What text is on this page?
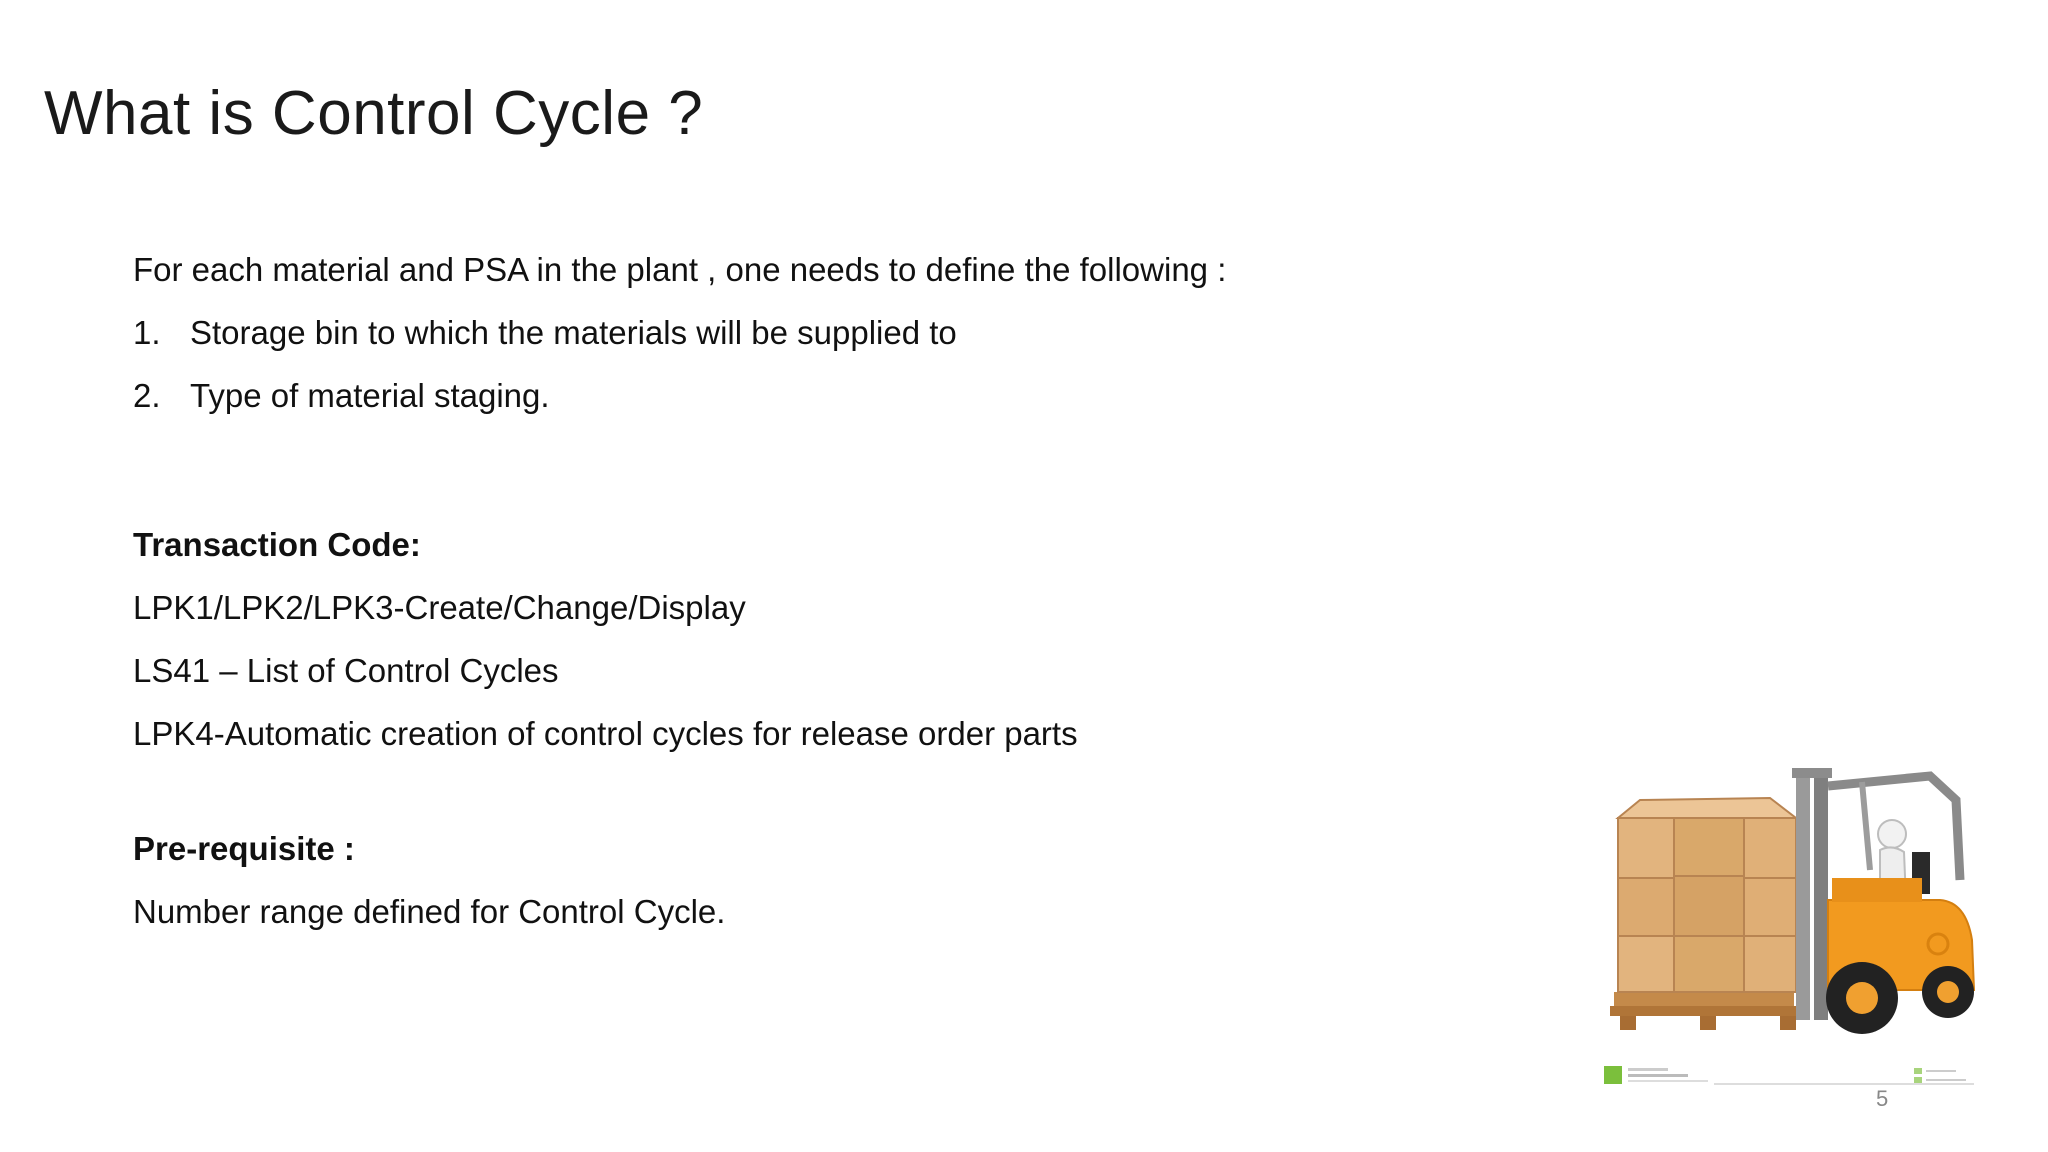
What is Control Cycle ?

For each material and PSA in the plant , one needs to define the following :

1. Storage bin to which the materials will be supplied to
2. Type of material staging.

Transaction Code:

LPK1/LPK2/LPK3-Create/Change/Display

LS41 – List of Control Cycles

LPK4-Automatic creation of control cycles for release order parts

Pre-requisite :

Number range defined for Control Cycle.

5
